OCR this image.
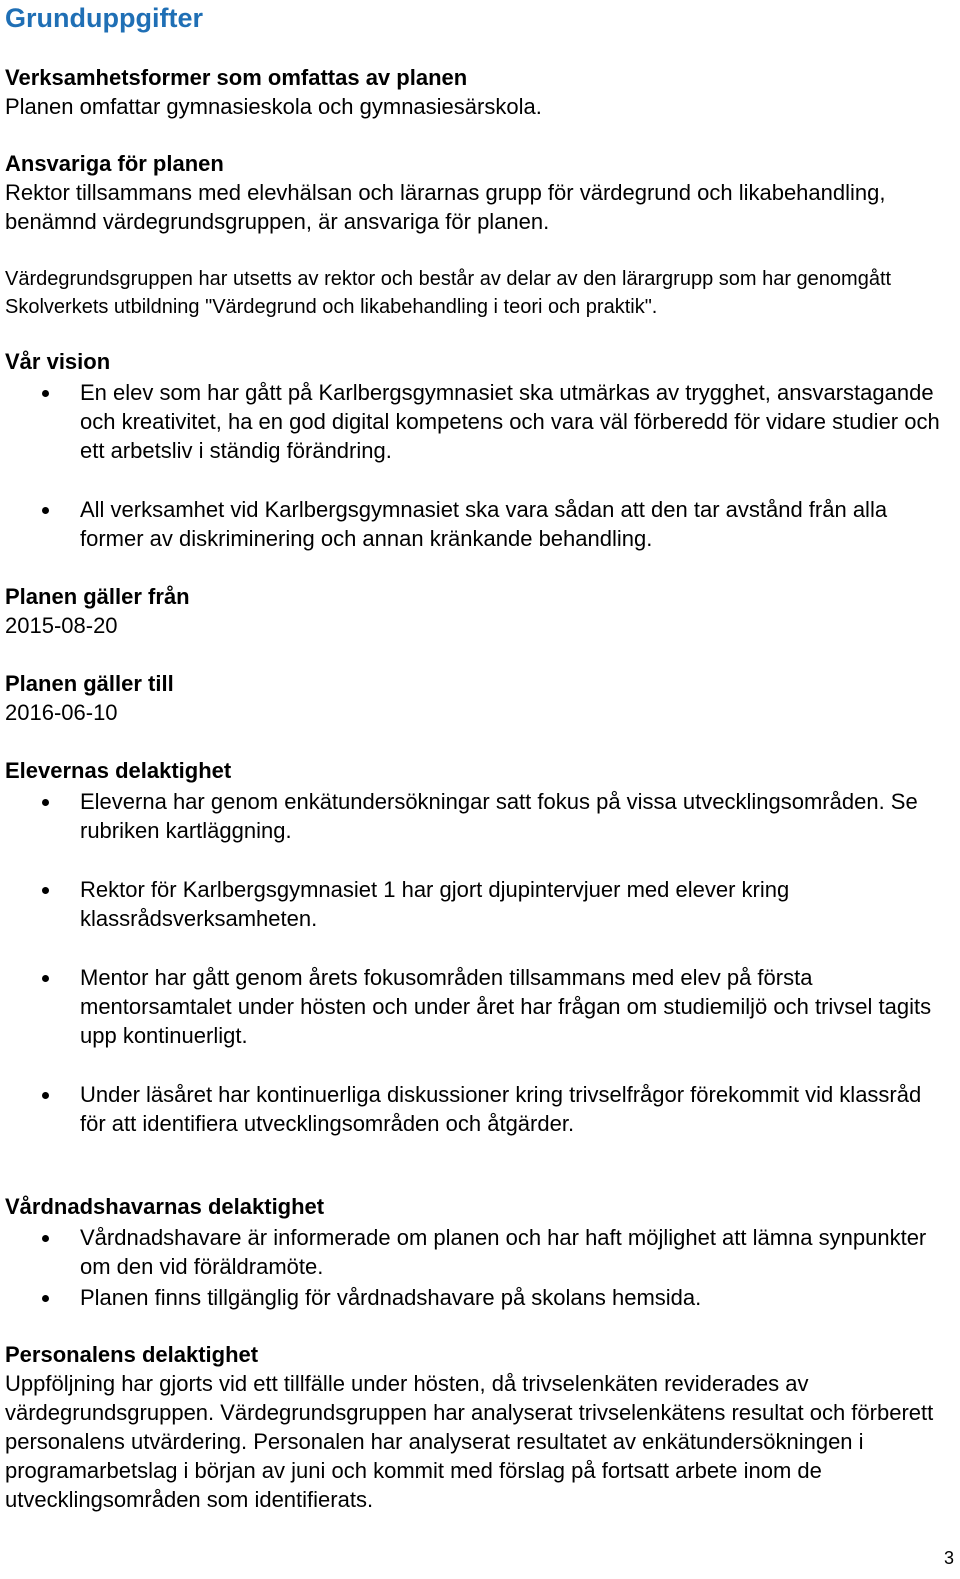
Grunduppgifter

Verksamhetsformer som omfattas av planen

Planen omfattar gymnasieskola och gymnasiesärskola.

Ansvariga för planen

Rektor tillsammans med elevhälsan och lärarnas grupp för värdegrund och likabehandling, benämnd värdegrundsgruppen, är ansvariga för planen.

Värdegrundsgruppen har utsetts av rektor och består av delar av den lärargrupp som har genomgått Skolverkets utbildning "Värdegrund och likabehandling i teori och praktik".

Vår vision

En elev som har gått på Karlbergsgymnasiet ska utmärkas av trygghet, ansvarstagande och kreativitet, ha en god digital kompetens och vara väl förberedd för vidare studier och ett arbetsliv i ständig förändring.
All verksamhet vid Karlbergsgymnasiet ska vara sådan att den tar avstånd från alla former av diskriminering och annan kränkande behandling.

Planen gäller från

2015-08-20

Planen gäller till

2016-06-10

Elevernas delaktighet

Eleverna har genom enkätundersökningar satt fokus på vissa utvecklingsområden. Se rubriken kartläggning.
Rektor för Karlbergsgymnasiet 1 har gjort djupintervjuer med elever kring klassrådsverksamheten.
Mentor har gått genom årets fokusområden tillsammans med elev på första mentorsamtalet under hösten och under året har frågan om studiemiljö och trivsel tagits upp kontinuerligt.
Under läsåret har kontinuerliga diskussioner kring trivselfrågor förekommit vid klassråd för att identifiera utvecklingsområden och åtgärder.

Vårdnadshavarnas delaktighet

Vårdnadshavare är informerade om planen och har haft möjlighet att lämna synpunkter om den vid föräldramöte.
Planen finns tillgänglig för vårdnadshavare på skolans hemsida.

Personalens delaktighet

Uppföljning har gjorts vid ett tillfälle under hösten, då trivselenkäten reviderades av värdegrundsgruppen. Värdegrundsgruppen har analyserat trivselenkätens resultat och förberett personalens utvärdering. Personalen har analyserat resultatet av enkätundersökningen i programarbetslag i början av juni och kommit med förslag på fortsatt arbete inom de utvecklingsområden som identifierats.

3
